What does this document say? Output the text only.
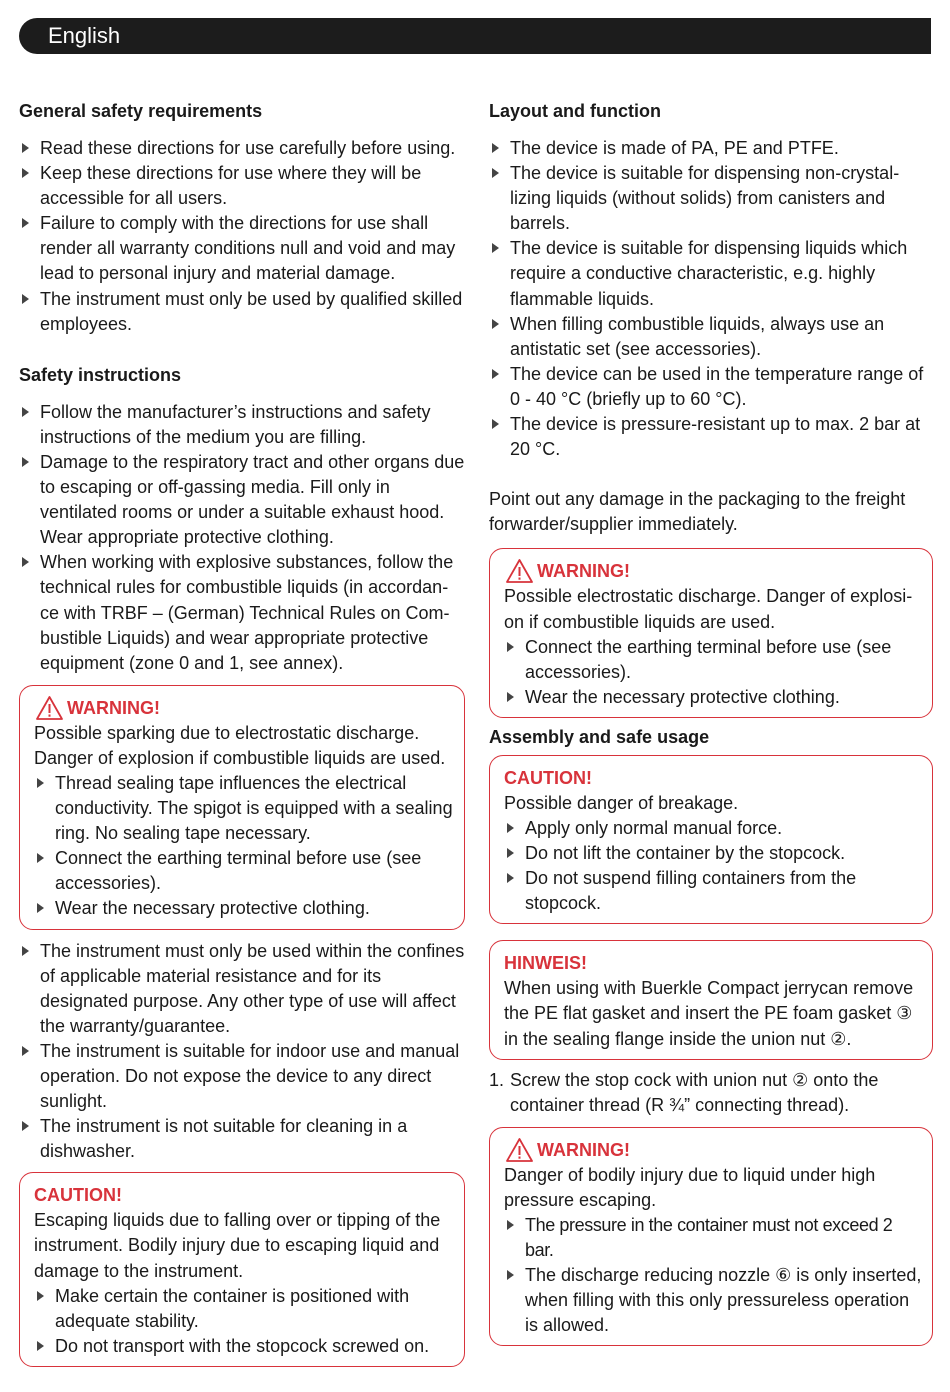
English
General safety requirements
Read these directions for use carefully before using.
Keep these directions for use where they will be accessible for all users.
Failure to comply with the directions for use shall render all warranty conditions null and void and may lead to personal injury and material damage.
The instrument must only be used by qualified skilled employees.
Safety instructions
Follow the manufacturer’s instructions and safety instructions of the medium you are filling.
Damage to the respiratory tract and other organs due to escaping or off-gassing media. Fill only in ventilated rooms or under a suitable exhaust hood. Wear appropriate protective clothing.
When working with explosive substances, follow the technical rules for combustible liquids (in accordan-ce with TRBF – (German) Technical Rules on Com-bustible Liquids) and wear appropriate protective equipment (zone 0 and 1, see annex).
WARNING!

Possible sparking due to electrostatic discharge. Danger of explosion if combustible liquids are used.

Thread sealing tape influences the electrical conductivity. The spigot is equipped with a sealing ring. No sealing tape necessary.
Connect the earthing terminal before use (see accessories).
Wear the necessary protective clothing.
The instrument must only be used within the confines of applicable material resistance and for its designated purpose. Any other type of use will affect the warranty/guarantee.
The instrument is suitable for indoor use and manual operation. Do not expose the device to any direct sunlight.
The instrument is not suitable for cleaning in a dishwasher.
CAUTION!

Escaping liquids due to falling over or tipping of the instrument. Bodily injury due to escaping liquid and damage to the instrument.

Make certain the container is positioned with adequate stability.
Do not transport with the stopcock screwed on.
Layout and function
The device is made of PA, PE and PTFE.
The device is suitable for dispensing non-crystal-lizing liquids (without solids) from canisters and barrels.
The device is suitable for dispensing liquids which require a conductive characteristic, e.g. highly flammable liquids.
When filling combustible liquids, always use an antistatic set (see accessories).
The device can be used in the temperature range of 0 - 40 °C (briefly up to 60 °C).
The device is pressure-resistant up to max. 2 bar at 20 °C.

Point out any damage in the packaging to the freight forwarder/supplier immediately.

WARNING!

Possible electrostatic discharge. Danger of explosi-on if combustible liquids are used.

Connect the earthing terminal before use (see accessories).
Wear the necessary protective clothing.
Assembly and safe usage
CAUTION!

Possible danger of breakage.

Apply only normal manual force.
Do not lift the container by the stopcock.
Do not suspend filling containers from the stopcock.
HINWEIS!

When using with Buerkle Compact jerrycan remove the PE flat gasket and insert the PE foam gasket ③ in the sealing flange inside the union nut ②.

1. Screw the stop cock with union nut ② onto the container thread (R ¾” connecting thread).
WARNING!

Danger of bodily injury due to liquid under high pressure escaping.

The pressure in the container must not exceed 2 bar.
The discharge reducing nozzle ⑥ is only inserted, when filling with this only pressureless operation is allowed.
